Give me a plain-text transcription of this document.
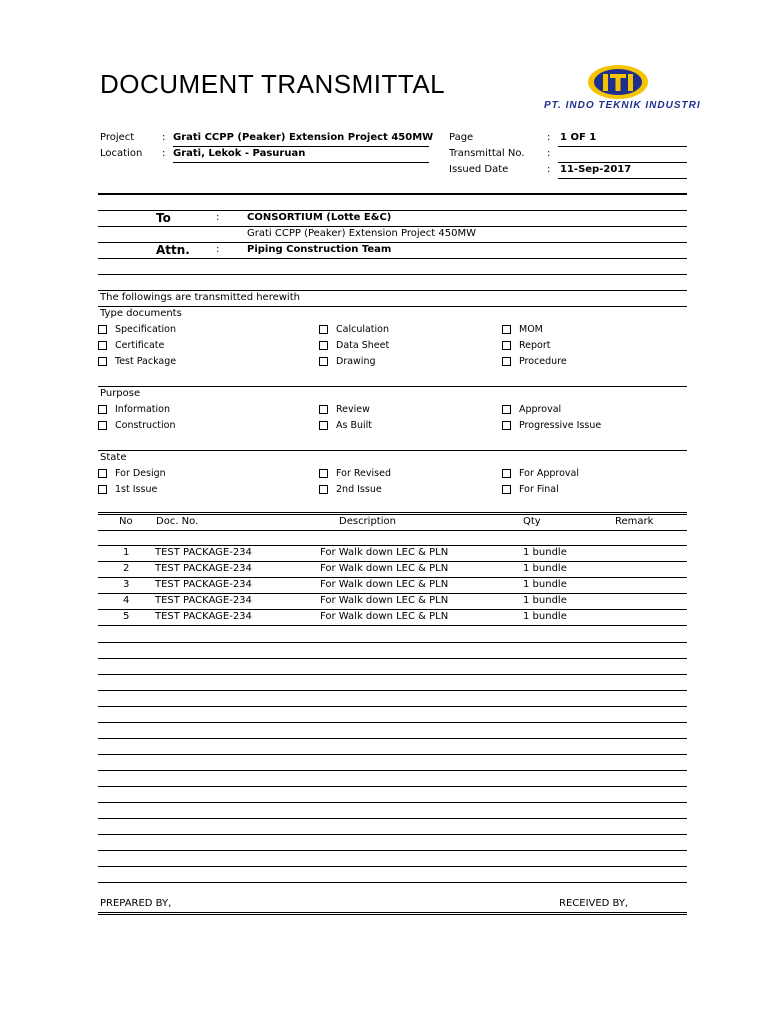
DOCUMENT TRANSMITTAL
PT. INDO TEKNIK INDUSTRI
Project	: Grati CCPP (Peaker) Extension Project 450MW
Location : Grati, Lekok - Pasuruan
Page	: 1 OF 1
Transmittal No. :
Issued Date	: 11-Sep-2017
To	:	CONSORTIUM (Lotte E&C)
Grati CCPP (Peaker) Extension Project 450MW
Attn.	:	Piping Construction Team
The followings are transmitted herewith
Type documents
Specification	Calculation	MOM
Certificate	Data Sheet	Report
Test Package	Drawing	Procedure
Purpose
Information	Review	Approval
Construction	As Built	Progressive Issue
State
For Design	For Revised	For Approval
1st Issue	2nd Issue	For Final
No Doc. No.	Description	Qty	Remark
1	TEST PACKAGE-234	For Walk down LEC & PLN	1 bundle
2	TEST PACKAGE-234	For Walk down LEC & PLN	1 bundle
3	TEST PACKAGE-234	For Walk down LEC & PLN	1 bundle
4	TEST PACKAGE-234	For Walk down LEC & PLN	1 bundle
5	TEST PACKAGE-234	For Walk down LEC & PLN	1 bundle
PREPARED BY,	RECEIVED BY,
